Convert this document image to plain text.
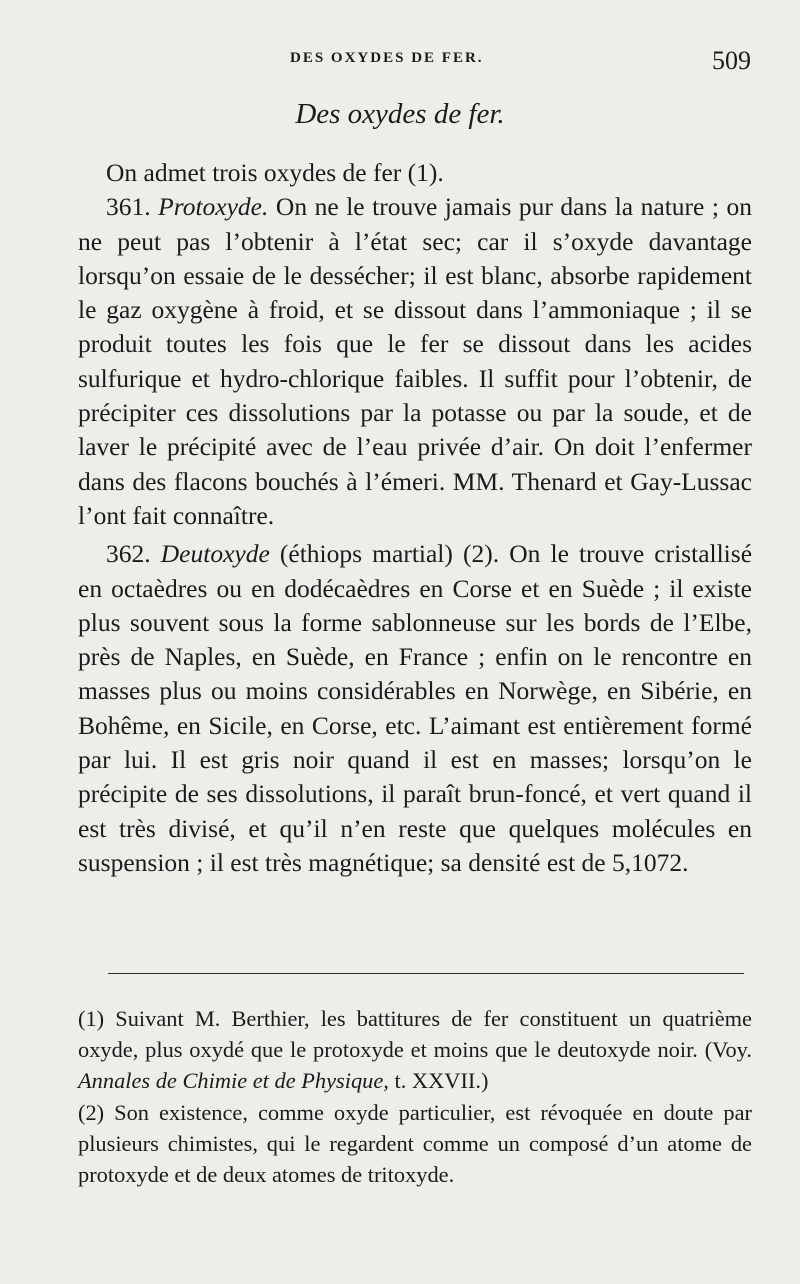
DES OXYDES DE FER.	509
Des oxydes de fer.

On admet trois oxydes de fer (1).

361. Protoxyde. On ne le trouve jamais pur dans la nature ; on ne peut pas l’obtenir à l’état sec; car il s’oxyde davantage lorsqu’on essaie de le dessécher; il est blanc, absorbe rapidement le gaz oxygène à froid, et se dissout dans l’ammoniaque ; il se produit toutes les fois que le fer se dissout dans les acides sulfurique et hydro-chlorique faibles. Il suffit pour l’obtenir, de précipiter ces dissolutions par la potasse ou par la soude, et de laver le précipité avec de l’eau privée d’air. On doit l’enfermer dans des flacons bouchés à l’émeri. MM. Thenard et Gay-Lussac l’ont fait connaître.

362. Deutoxyde (éthiops martial) (2). On le trouve cristallisé en octaèdres ou en dodécaèdres en Corse et en Suède ; il existe plus souvent sous la forme sablonneuse sur les bords de l’Elbe, près de Naples, en Suède, en France ; enfin on le rencontre en masses plus ou moins considérables en Norwège, en Sibérie, en Bohême, en Sicile, en Corse, etc. L’aimant est entièrement formé par lui. Il est gris noir quand il est en masses; lorsqu’on le précipite de ses dissolutions, il paraît brun-foncé, et vert quand il est très divisé, et qu’il n’en reste que quelques molécules en suspension ; il est très magnétique; sa densité est de 5,1072.

(1) Suivant M. Berthier, les battitures de fer constituent un quatrième oxyde, plus oxydé que le protoxyde et moins que le deutoxyde noir. (Voy. Annales de Chimie et de Physique, t. XXVII.)

(2) Son existence, comme oxyde particulier, est révoquée en doute par plusieurs chimistes, qui le regardent comme un composé d’un atome de protoxyde et de deux atomes de tritoxyde.
